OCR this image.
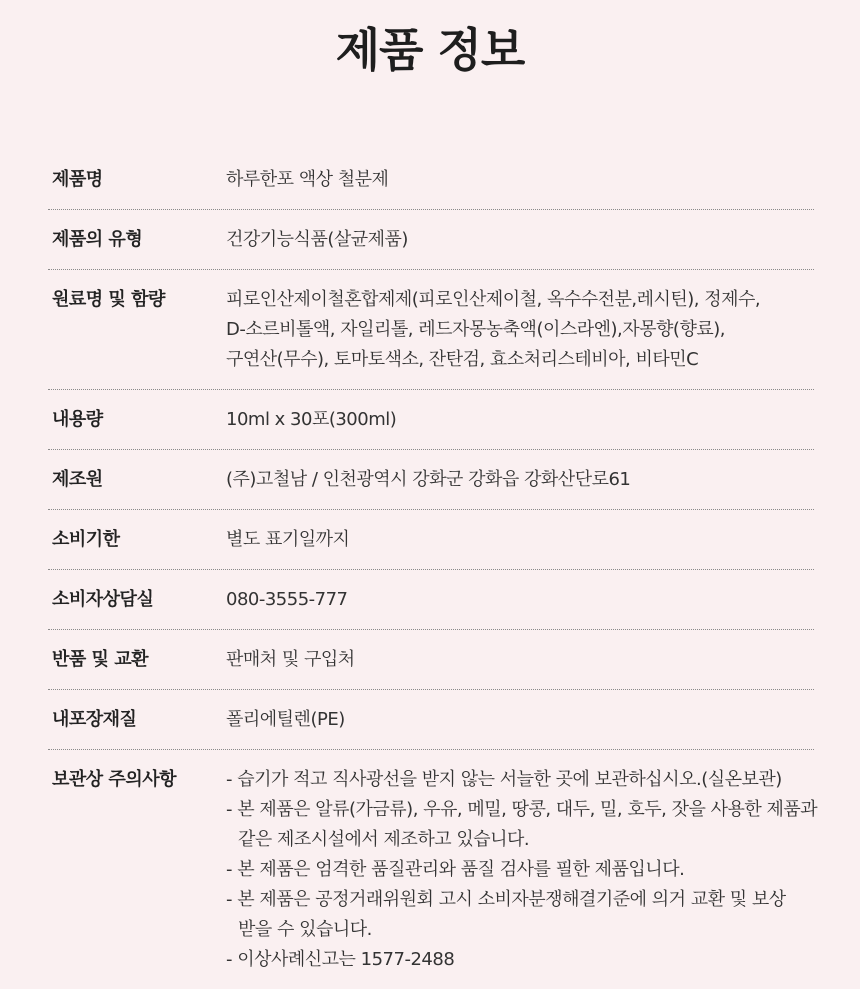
제품 정보
제품명	하루한포 액상 철분제
제품의 유형	건강기능식품(살균제품)
원료명 및 함량	피로인산제이철혼합제제(피로인산제이철, 옥수수전분,레시틴), 정제수,
D-소르비톨액, 자일리톨, 레드자몽농축액(이스라엔),자몽향(향료),
구연산(무수), 토마토색소, 잔탄검, 효소처리스테비아, 비타민C
내용량	10ml x 30포(300ml)
제조원	(주)고철남 / 인천광역시 강화군 강화읍 강화산단로61
소비기한	별도 표기일까지
소비자상담실	080-3555-777
반품 및 교환	판매처 및 구입처
내포장재질	폴리에틸렌(PE)
보관상 주의사항	- 습기가 적고 직사광선을 받지 않는 서늘한 곳에 보관하십시오.(실온보관)
- 본 제품은 알류(가금류), 우유, 메밀, 땅콩, 대두, 밀, 호두, 잣을 사용한 제품과
같은 제조시설에서 제조하고 있습니다.
- 본 제품은 엄격한 품질관리와 품질 검사를 필한 제품입니다.
- 본 제품은 공정거래위원회 고시 소비자분쟁해결기준에 의거 교환 및 보상
받을 수 있습니다.
- 이상사례신고는 1577-2488
